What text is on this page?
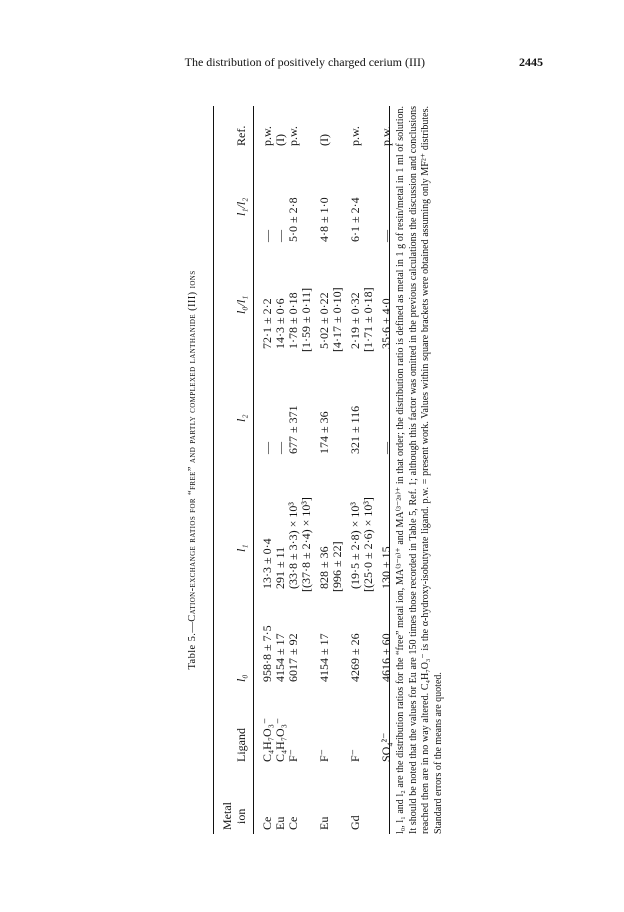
The distribution of positively charged cerium (III)	2445
Table 5.—Cation-exchange ratios for “free” and partly complexed lanthanide (III) ions
Metal ion
Ligand
l₀
l₁
l₂
l₀/l₁
l₁/l₂
Ref.
Ce
C₄H₇O₃⁻
958·8 ± 7·5
13·3 ± 0·4
—
72·1 ± 2·2
—
p.w.
Eu
C₄H₇O₃⁻
4154 ± 17
291 ± 11
—
14·3 ± 0·6
—
(I)
Ce
F⁻
6017 ± 92
(33·8 ± 3·3) × 10³
677 ± 371
1·78 ± 0·18
5·0 ± 2·8
p.w.
[(37·8 ± 2·4) × 10³]
[1·59 ± 0·11]
Eu
F⁻
4154 ± 17
828 ± 36
174 ± 36
5·02 ± 0·22
4·8 ± 1·0
(I)
[996 ± 22]
[4·17 ± 0·10]
Gd
F⁻
4269 ± 26
(19·5 ± 2·8) × 10³
321 ± 116
2·19 ± 0·32
6·1 ± 2·4
p.w.
[(25·0 ± 2·6) × 10³]
[1·71 ± 0·18]
SO₄²⁻
4616 ± 60
130 ± 15
—
35·6 ± 4·0
—
p.w. l₀, l₁ and l₂ are the distribution ratios for the “free” metal ion, MA⁽³⁻ⁿ⁾⁺ and MA⁽³⁻²ⁿ⁾⁺ in that order; the distribution ratio is defined as metal in 1 g of resin/metal in 1 ml of solution. It should be noted that the values for Eu are 150 times those recorded in Table 5, Ref. 1; although this factor was omitted in the previous calculations the discussion and conclusions reached then are in no way altered. C₄H₇O₃⁻ is the α-hydroxy-isobutyrate ligand. p.w. = present work. Values within square brackets were obtained assuming only MF²⁺ distributes. Standard errors of the means are quoted.
